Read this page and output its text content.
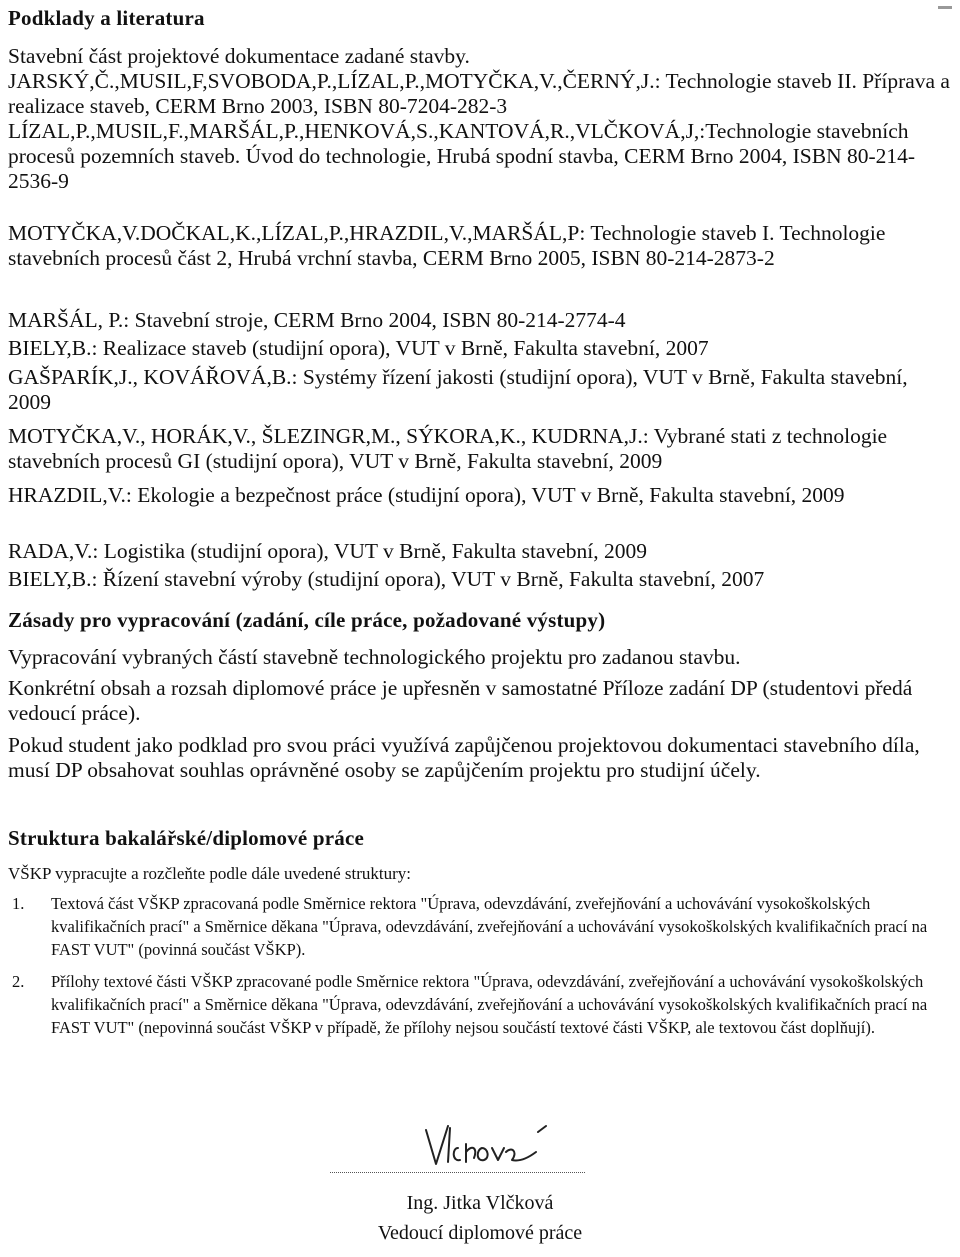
Podklady a literatura
Stavební část projektové dokumentace zadané stavby.
JARSKÝ,Č.,MUSIL,F,SVOBODA,P.,LÍZAL,P.,MOTYČKA,V.,ČERNÝ,J.: Technologie staveb II. Příprava a realizace staveb, CERM Brno 2003, ISBN 80-7204-282-3
LÍZAL,P.,MUSIL,F.,MARŠÁL,P.,HENKOVÁ,S.,KANTOVÁ,R.,VLČKOVÁ,J,:Technologie stavebních procesů pozemních staveb. Úvod do technologie, Hrubá spodní stavba, CERM Brno 2004, ISBN 80-214-2536-9
MOTYČKA,V.DOČKAL,K.,LÍZAL,P.,HRAZDIL,V.,MARŠÁL,P: Technologie staveb I. Technologie stavebních procesů část 2, Hrubá vrchní stavba, CERM Brno 2005, ISBN 80-214-2873-2
MARŠÁL, P.: Stavební stroje, CERM Brno 2004, ISBN 80-214-2774-4
BIELY,B.: Realizace staveb (studijní opora), VUT v Brně, Fakulta stavební, 2007
GAŠPARÍK,J., KOVÁŘOVÁ,B.: Systémy řízení jakosti (studijní opora), VUT v Brně, Fakulta stavební, 2009
MOTYČKA,V., HORÁK,V., ŠLEZINGR,M., SÝKORA,K., KUDRNA,J.: Vybrané stati z technologie stavebních procesů GI (studijní opora), VUT v Brně, Fakulta stavební, 2009
HRAZDIL,V.: Ekologie a bezpečnost práce (studijní opora), VUT v Brně, Fakulta stavební, 2009
RADA,V.: Logistika (studijní opora), VUT v Brně, Fakulta stavební, 2009
BIELY,B.: Řízení stavební výroby (studijní opora), VUT v Brně, Fakulta stavební, 2007
Zásady pro vypracování (zadání, cíle práce, požadované výstupy)
Vypracování vybraných částí stavebně technologického projektu pro zadanou stavbu.
Konkrétní obsah a rozsah diplomové práce je upřesněn v samostatné Příloze zadání DP (studentovi předá vedoucí práce).
Pokud student jako podklad pro svou práci využívá zapůjčenou projektovou dokumentaci stavebního díla, musí DP obsahovat souhlas oprávněné osoby se zapůjčením projektu pro studijní účely.
Struktura bakalářské/diplomové práce
VŠKP vypracujte a rozčleňte podle dále uvedené struktury:
1.	Textová část VŠKP zpracovaná podle Směrnice rektora "Úprava, odevzdávání, zveřejňování a uchovávání vysokoškolských kvalifikačních prací" a Směrnice děkana "Úprava, odevzdávání, zveřejňování a uchovávání vysokoškolských kvalifikačních prací na FAST VUT" (povinná součást VŠKP).
2.	Přílohy textové části VŠKP zpracované podle Směrnice rektora "Úprava, odevzdávání, zveřejňování a uchovávání vysokoškolských kvalifikačních prací" a Směrnice děkana "Úprava, odevzdávání, zveřejňování a uchovávání vysokoškolských kvalifikačních prací na FAST VUT" (nepovinná součást VŠKP v případě, že přílohy nejsou součástí textové části VŠKP, ale textovou část doplňují).
Ing. Jitka Vlčková
Vedoucí diplomové práce
